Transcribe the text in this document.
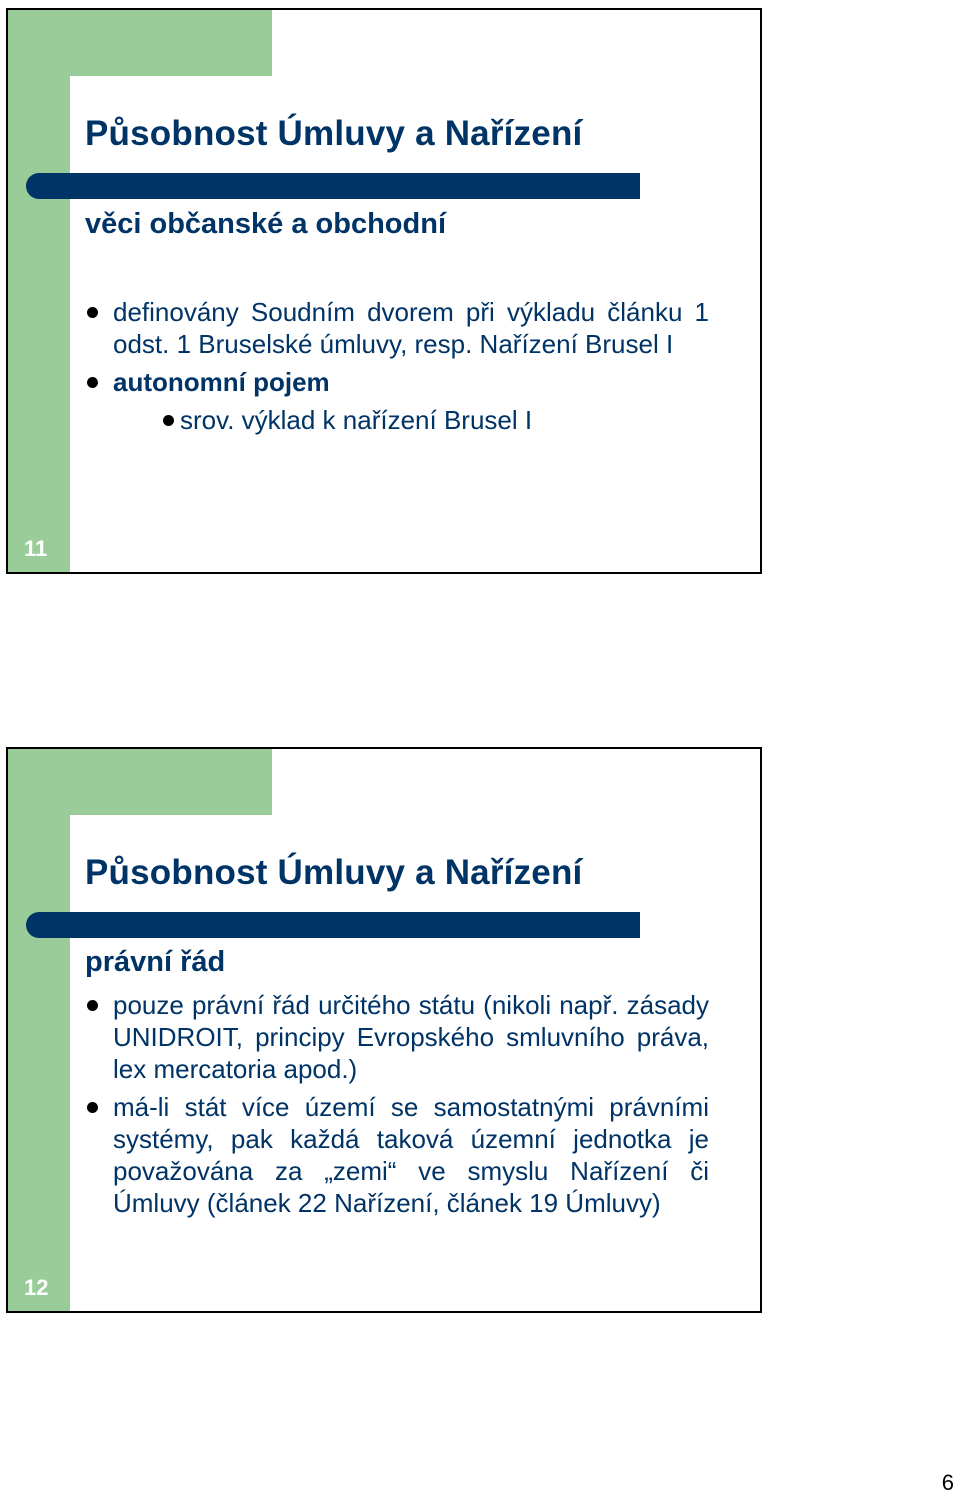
Působnost Úmluvy a Nařízení
věci občanské a obchodní
definovány Soudním dvorem při výkladu článku 1 odst. 1 Bruselské úmluvy, resp. Nařízení Brusel I
autonomní pojem
srov. výklad k nařízení Brusel I
11
Působnost Úmluvy a Nařízení
právní řád
pouze právní řád určitého státu (nikoli např. zásady UNIDROIT, principy Evropského smluvního práva, lex mercatoria apod.)
má-li stát více území se samostatnými právními systémy, pak každá taková územní jednotka je považována za „zemi“ ve smyslu Nařízení či Úmluvy (článek 22 Nařízení, článek 19 Úmluvy)
12
6
